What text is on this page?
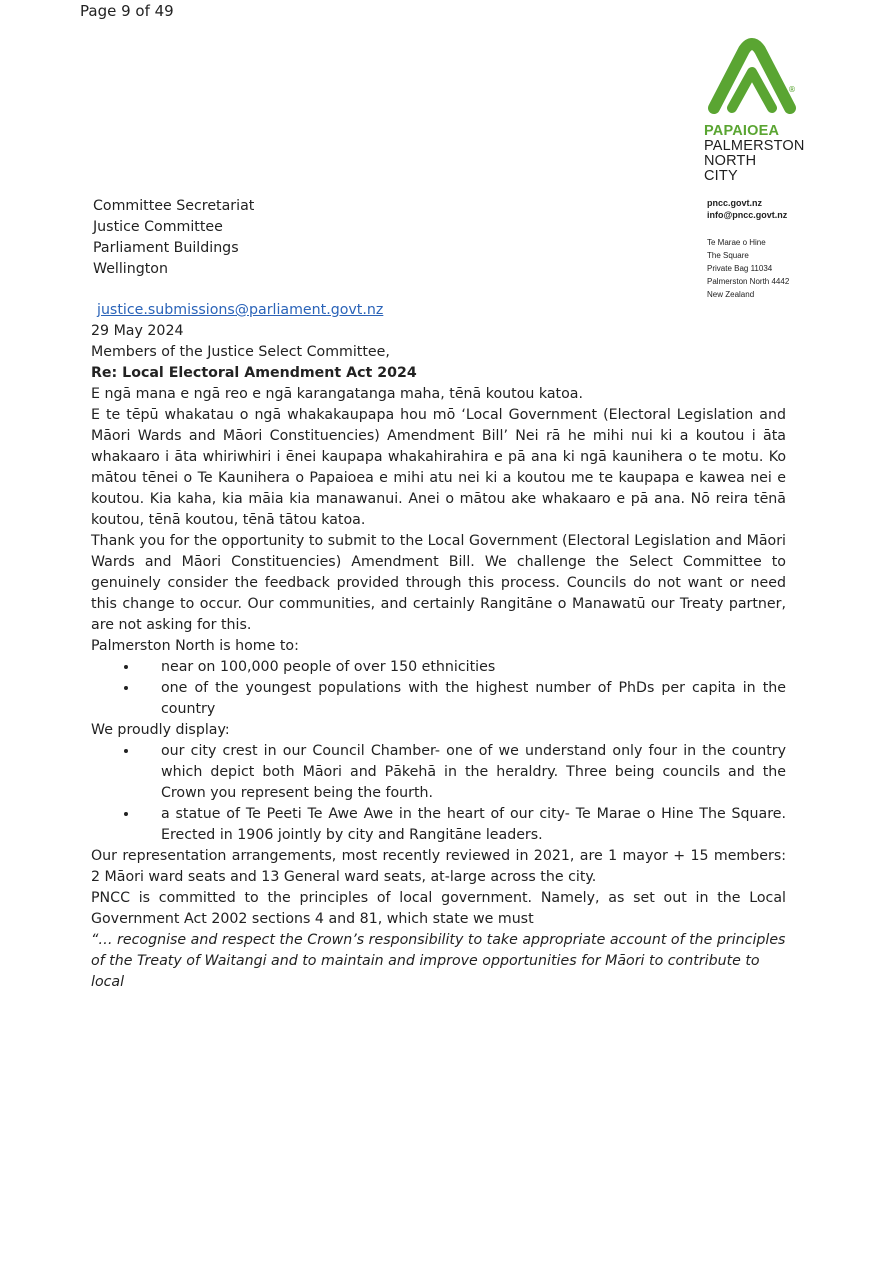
Page 9 of 49
®
PAPAIOEA
PALMERSTON
NORTH
CITY
pncc.govt.nz
info@pncc.govt.nz
Te Marae o Hine
The Square
Private Bag 11034
Palmerston North 4442
New Zealand

Committee Secretariat

Justice Committee

Parliament Buildings

Wellington

justice.submissions@parliament.govt.nz

29 May 2024

Members of the Justice Select Committee,

Re: Local Electoral Amendment Act 2024

E ngā mana e ngā reo e ngā karangatanga maha, tēnā koutou katoa.

E te tēpū whakatau o ngā whakakaupapa hou mō ‘Local Government (Electoral Legislation and Māori Wards and Māori Constituencies) Amendment Bill’ Nei rā he mihi nui ki a koutou i āta whakaaro i āta whiriwhiri i ēnei kaupapa whakahirahira e pā ana ki ngā kaunihera o te motu. Ko mātou tēnei o Te Kaunihera o Papaioea e mihi atu nei ki a koutou me te kaupapa e kawea nei e koutou. Kia kaha, kia māia kia manawanui. Anei o mātou ake whakaaro e pā ana. Nō reira tēnā koutou, tēnā koutou, tēnā tātou katoa.

Thank you for the opportunity to submit to the Local Government (Electoral Legislation and Māori Wards and Māori Constituencies) Amendment Bill. We challenge the Select Committee to genuinely consider the feedback provided through this process. Councils do not want or need this change to occur. Our communities, and certainly Rangitāne o Manawatū our Treaty partner, are not asking for this.

Palmerston North is home to:

• near on 100,000 people of over 150 ethnicities
• one of the youngest populations with the highest number of PhDs per capita in the country

We proudly display:

• our city crest in our Council Chamber- one of we understand only four in the country which depict both Māori and Pākehā in the heraldry. Three being councils and the Crown you represent being the fourth.
• a statue of Te Peeti Te Awe Awe in the heart of our city- Te Marae o Hine The Square. Erected in 1906 jointly by city and Rangitāne leaders.

Our representation arrangements, most recently reviewed in 2021, are 1 mayor + 15 members: 2 Māori ward seats and 13 General ward seats, at-large across the city.

PNCC is committed to the principles of local government. Namely, as set out in the Local Government Act 2002 sections 4 and 81, which state we must

“… recognise and respect the Crown’s responsibility to take appropriate account of the principles of the Treaty of Waitangi and to maintain and improve opportunities for Māori to contribute to local
